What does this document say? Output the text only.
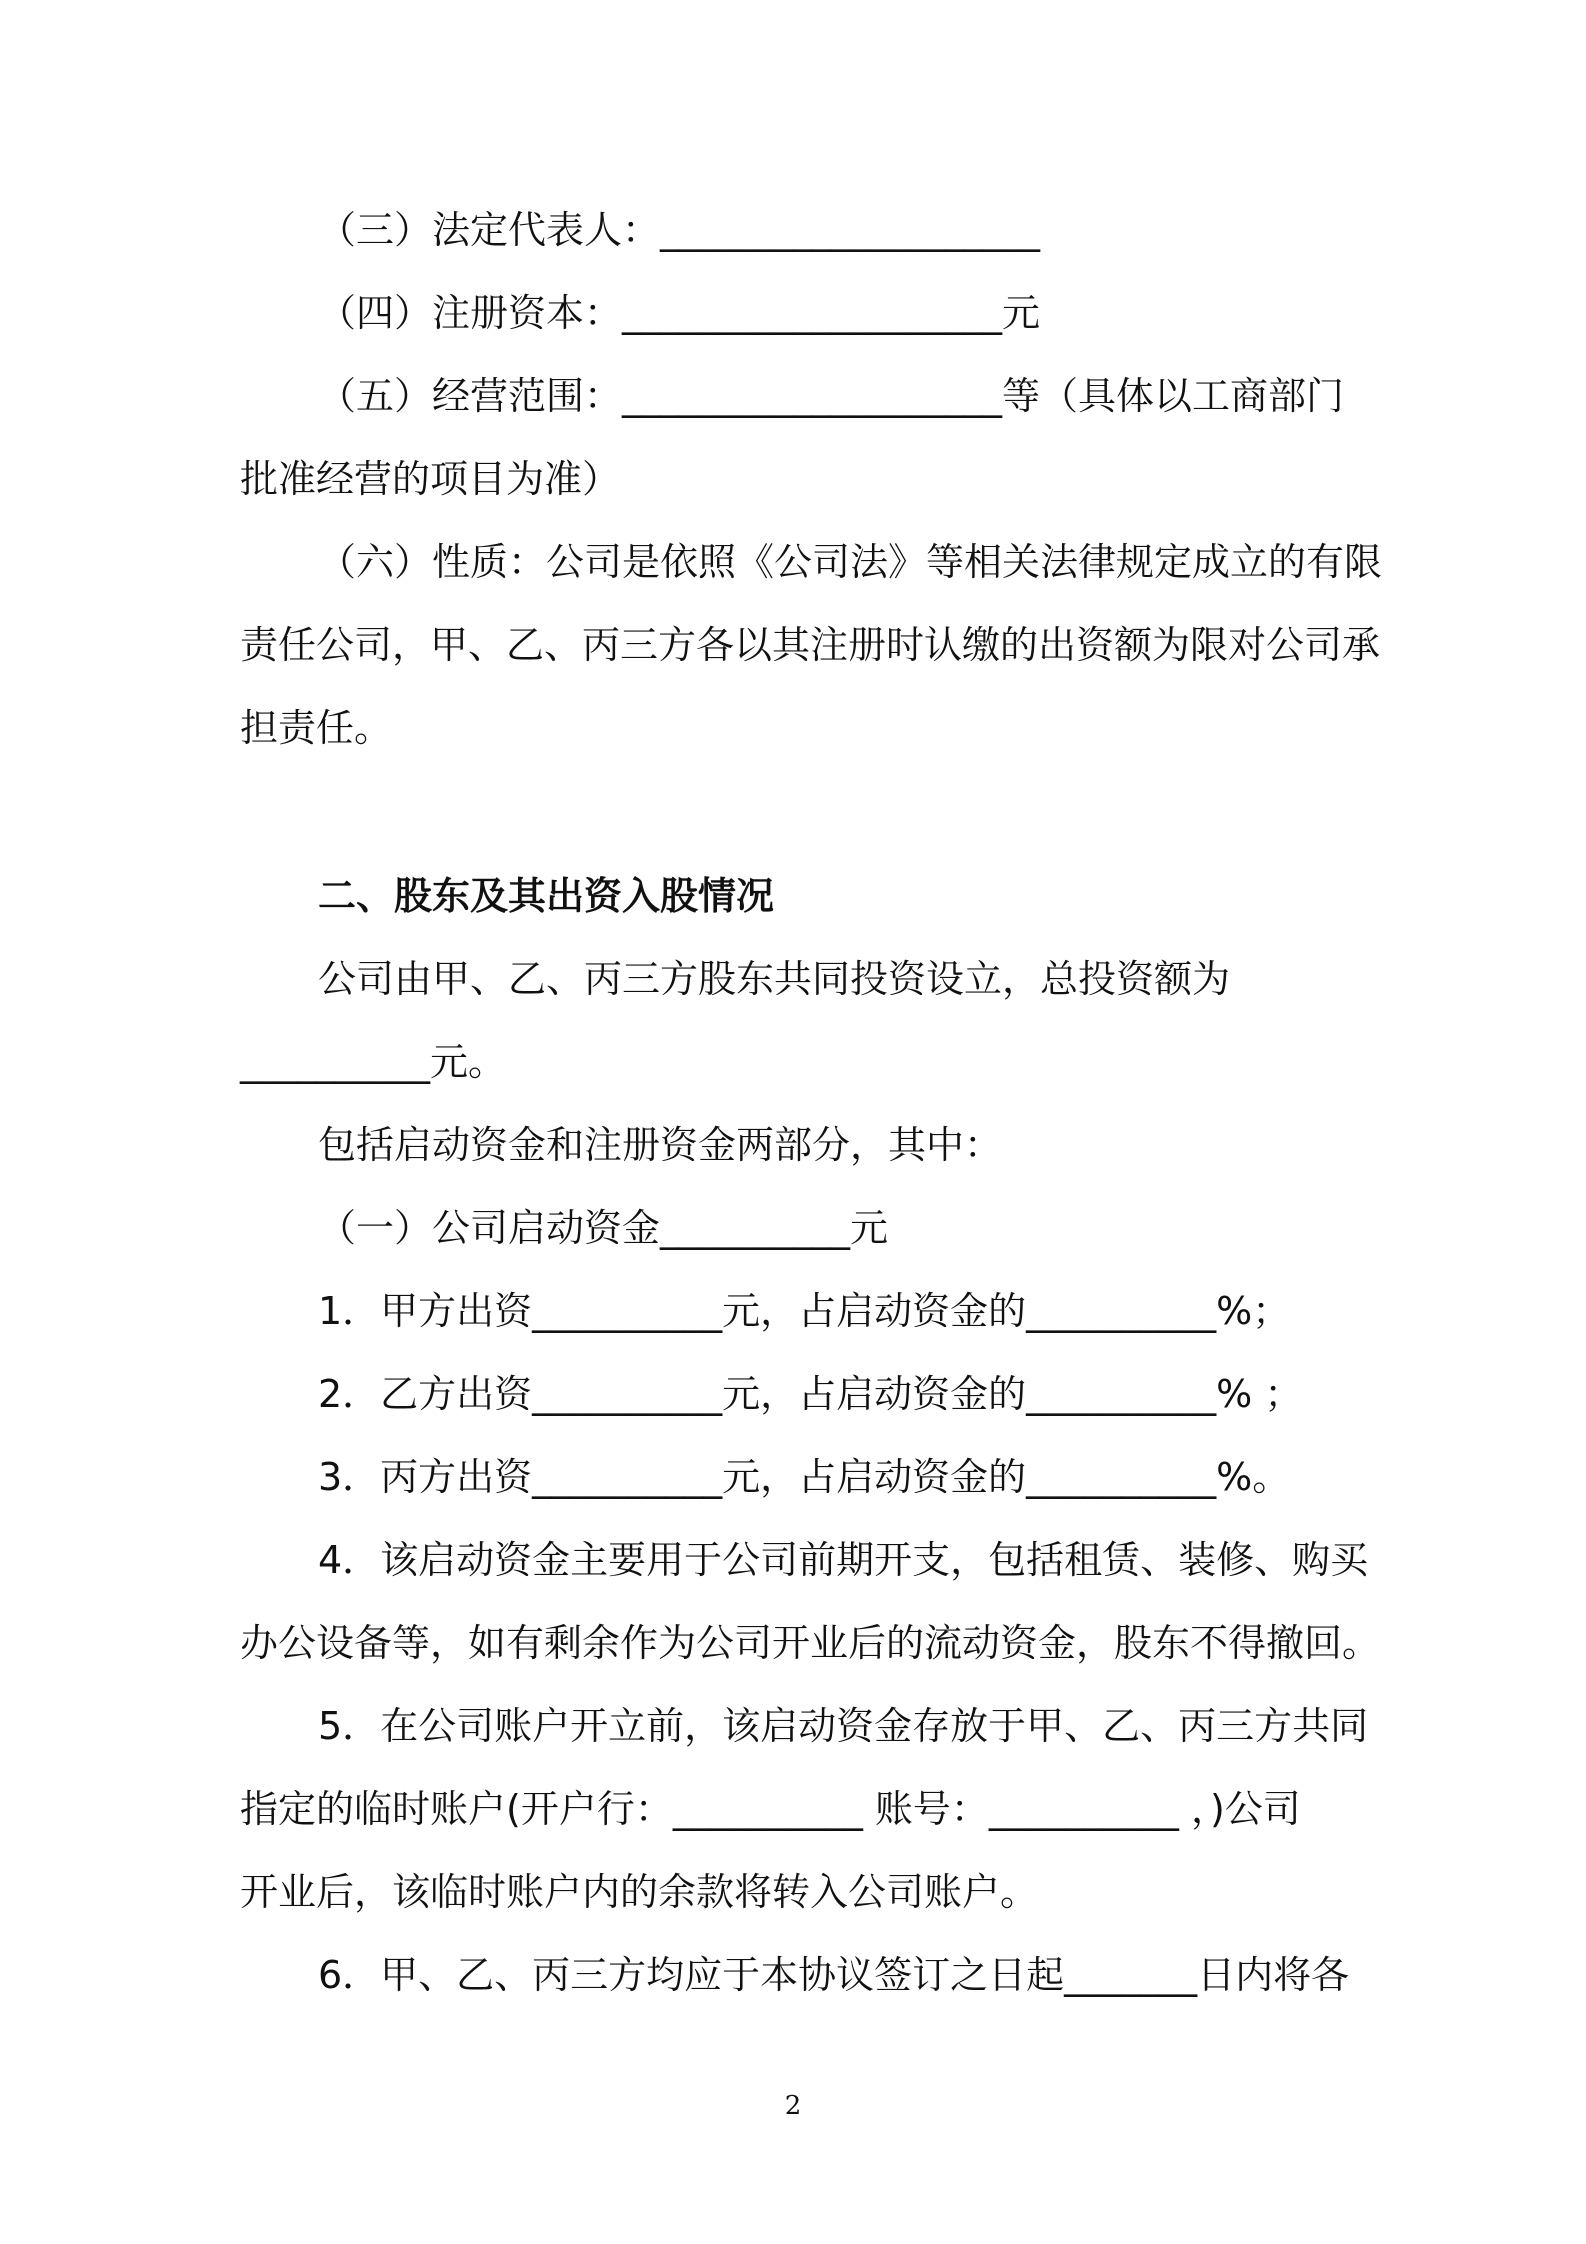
（三）法定代表人：____________________
（四）注册资本：____________________元
（五）经营范围：____________________等（具体以工商部门
批准经营的项目为准）
（六）性质：公司是依照《公司法》等相关法律规定成立的有限
责任公司，甲、乙、丙三方各以其注册时认缴的出资额为限对公司承
担责任。
二、股东及其出资入股情况
公司由甲、乙、丙三方股东共同投资设立，总投资额为
__________元。
包括启动资金和注册资金两部分，其中：
（一）公司启动资金__________元
1．甲方出资__________元，占启动资金的__________%；
2．乙方出资__________元，占启动资金的__________% ；
3．丙方出资__________元，占启动资金的__________%。
4．该启动资金主要用于公司前期开支，包括租赁、装修、购买
办公设备等，如有剩余作为公司开业后的流动资金，股东不得撤回。
5．在公司账户开立前，该启动资金存放于甲、乙、丙三方共同
指定的临时账户(开户行：__________ 账号：__________ ，)公司
开业后，该临时账户内的余款将转入公司账户。
6．甲、乙、丙三方均应于本协议签订之日起_______日内将各
2
